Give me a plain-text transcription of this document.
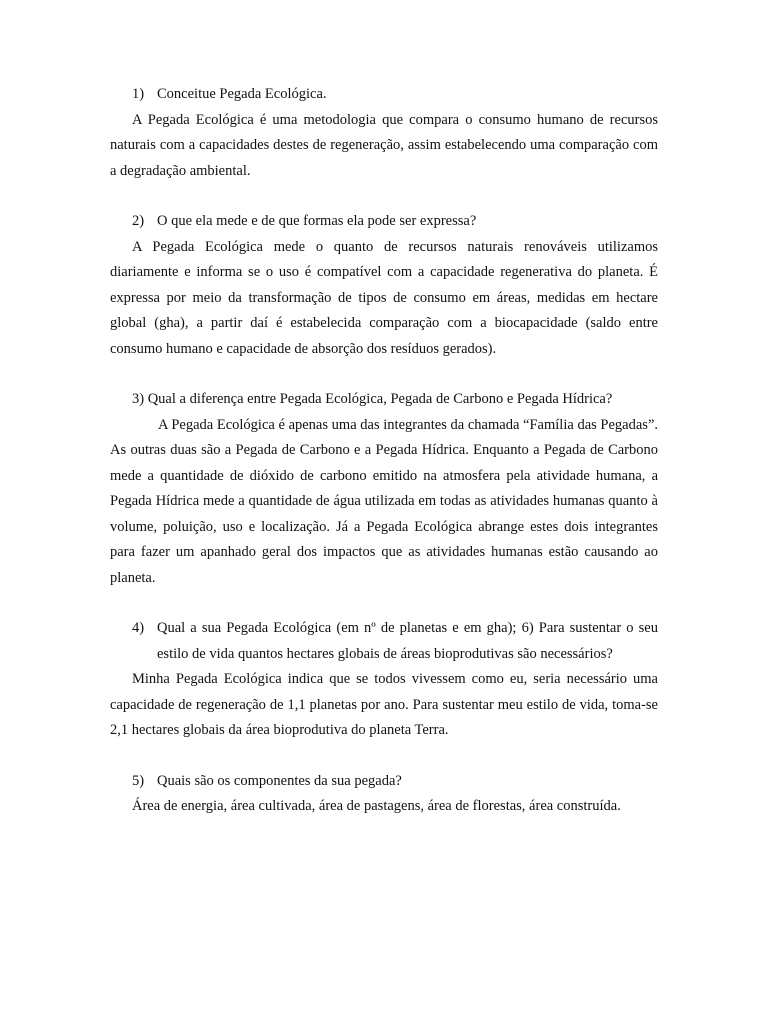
1) Conceitue Pegada Ecológica.

A Pegada Ecológica é uma metodologia que compara o consumo humano de recursos naturais com a capacidades destes de regeneração, assim estabelecendo uma comparação com a degradação ambiental.

2) O que ela mede e de que formas ela pode ser expressa?

A Pegada Ecológica mede o quanto de recursos naturais renováveis utilizamos diariamente e informa se o uso é compatível com a capacidade regenerativa do planeta. É expressa por meio da transformação de tipos de consumo em áreas, medidas em hectare global (gha), a partir daí é estabelecida comparação com a biocapacidade (saldo entre consumo humano e capacidade de absorção dos resíduos gerados).

3) Qual a diferença entre Pegada Ecológica, Pegada de Carbono e Pegada Hídrica?

A Pegada Ecológica é apenas uma das integrantes da chamada “Família das Pegadas”. As outras duas são a Pegada de Carbono e a Pegada Hídrica. Enquanto a Pegada de Carbono mede a quantidade de dióxido de carbono emitido na atmosfera pela atividade humana, a Pegada Hídrica mede a quantidade de água utilizada em todas as atividades humanas quanto à volume, poluição, uso e localização. Já a Pegada Ecológica abrange estes dois integrantes para fazer um apanhado geral dos impactos que as atividades humanas estão causando ao planeta.

4) Qual a sua Pegada Ecológica (em nº de planetas e em gha); 6) Para sustentar o seu estilo de vida quantos hectares globais de áreas bioprodutivas são necessários?

Minha Pegada Ecológica indica que se todos vivessem como eu, seria necessário uma capacidade de regeneração de 1,1 planetas por ano. Para sustentar meu estilo de vida, toma-se 2,1 hectares globais da área bioprodutiva do planeta Terra.

5) Quais são os componentes da sua pegada?

Área de energia, área cultivada, área de pastagens, área de florestas, área construída.
